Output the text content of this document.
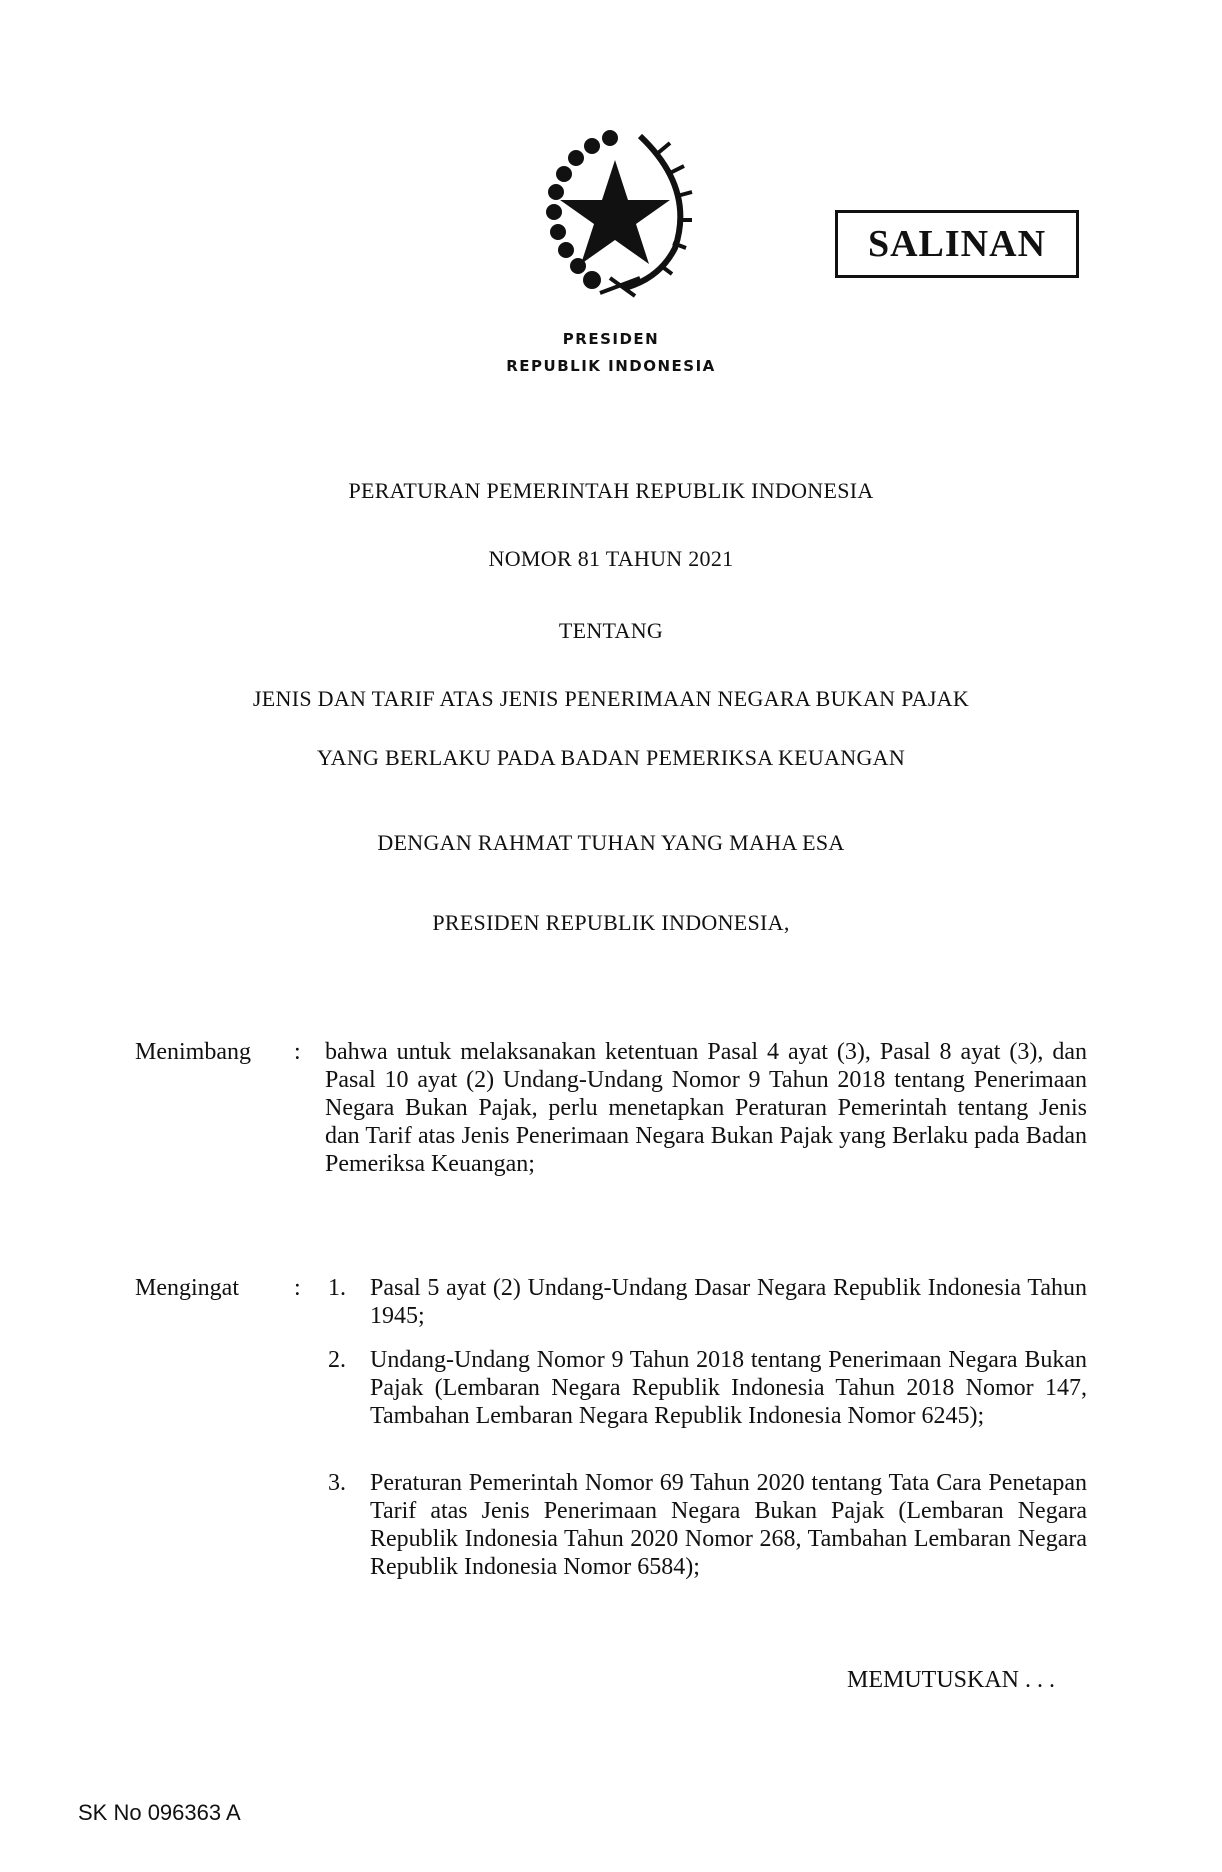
SALINAN
PRESIDEN
REPUBLIK INDONESIA
PERATURAN PEMERINTAH REPUBLIK INDONESIA
NOMOR 81 TAHUN 2021
TENTANG
JENIS DAN TARIF ATAS JENIS PENERIMAAN NEGARA BUKAN PAJAK
YANG BERLAKU PADA BADAN PEMERIKSA KEUANGAN
DENGAN RAHMAT TUHAN YANG MAHA ESA
PRESIDEN REPUBLIK INDONESIA,
Menimbang : bahwa untuk melaksanakan ketentuan Pasal 4 ayat (3), Pasal 8 ayat (3), dan Pasal 10 ayat (2) Undang-Undang Nomor 9 Tahun 2018 tentang Penerimaan Negara Bukan Pajak, perlu menetapkan Peraturan Pemerintah tentang Jenis dan Tarif atas Jenis Penerimaan Negara Bukan Pajak yang Berlaku pada Badan Pemeriksa Keuangan;
Mengingat : 1. Pasal 5 ayat (2) Undang-Undang Dasar Negara Republik Indonesia Tahun 1945;
2. Undang-Undang Nomor 9 Tahun 2018 tentang Penerimaan Negara Bukan Pajak (Lembaran Negara Republik Indonesia Tahun 2018 Nomor 147, Tambahan Lembaran Negara Republik Indonesia Nomor 6245);
3. Peraturan Pemerintah Nomor 69 Tahun 2020 tentang Tata Cara Penetapan Tarif atas Jenis Penerimaan Negara Bukan Pajak (Lembaran Negara Republik Indonesia Tahun 2020 Nomor 268, Tambahan Lembaran Negara Republik Indonesia Nomor 6584);
MEMUTUSKAN . . .
SK No 096363 A
